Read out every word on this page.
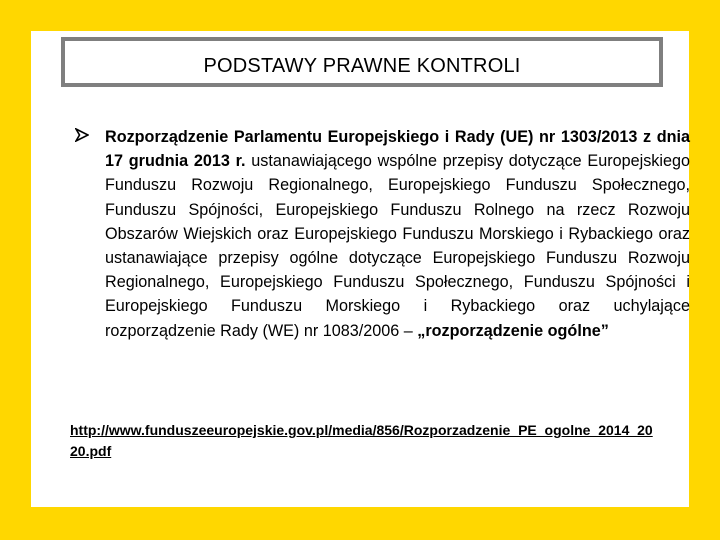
PODSTAWY PRAWNE KONTROLI
Rozporządzenie Parlamentu Europejskiego i Rady (UE) nr 1303/2013 z dnia 17 grudnia 2013 r. ustanawiającego wspólne przepisy dotyczące Europejskiego Funduszu Rozwoju Regionalnego, Europejskiego Funduszu Społecznego, Funduszu Spójności, Europejskiego Funduszu Rolnego na rzecz Rozwoju Obszarów Wiejskich oraz Europejskiego Funduszu Morskiego i Rybackiego oraz ustanawiające przepisy ogólne dotyczące Europejskiego Funduszu Rozwoju Regionalnego, Europejskiego Funduszu Społecznego, Funduszu Spójności i Europejskiego Funduszu Morskiego i Rybackiego oraz uchylające rozporządzenie Rady (WE) nr 1083/2006 – „rozporządzenie ogólne”
http://www.funduszeeuropejskie.gov.pl/media/856/Rozporzadzenie_PE_ogolne_2014_2020.pdf
